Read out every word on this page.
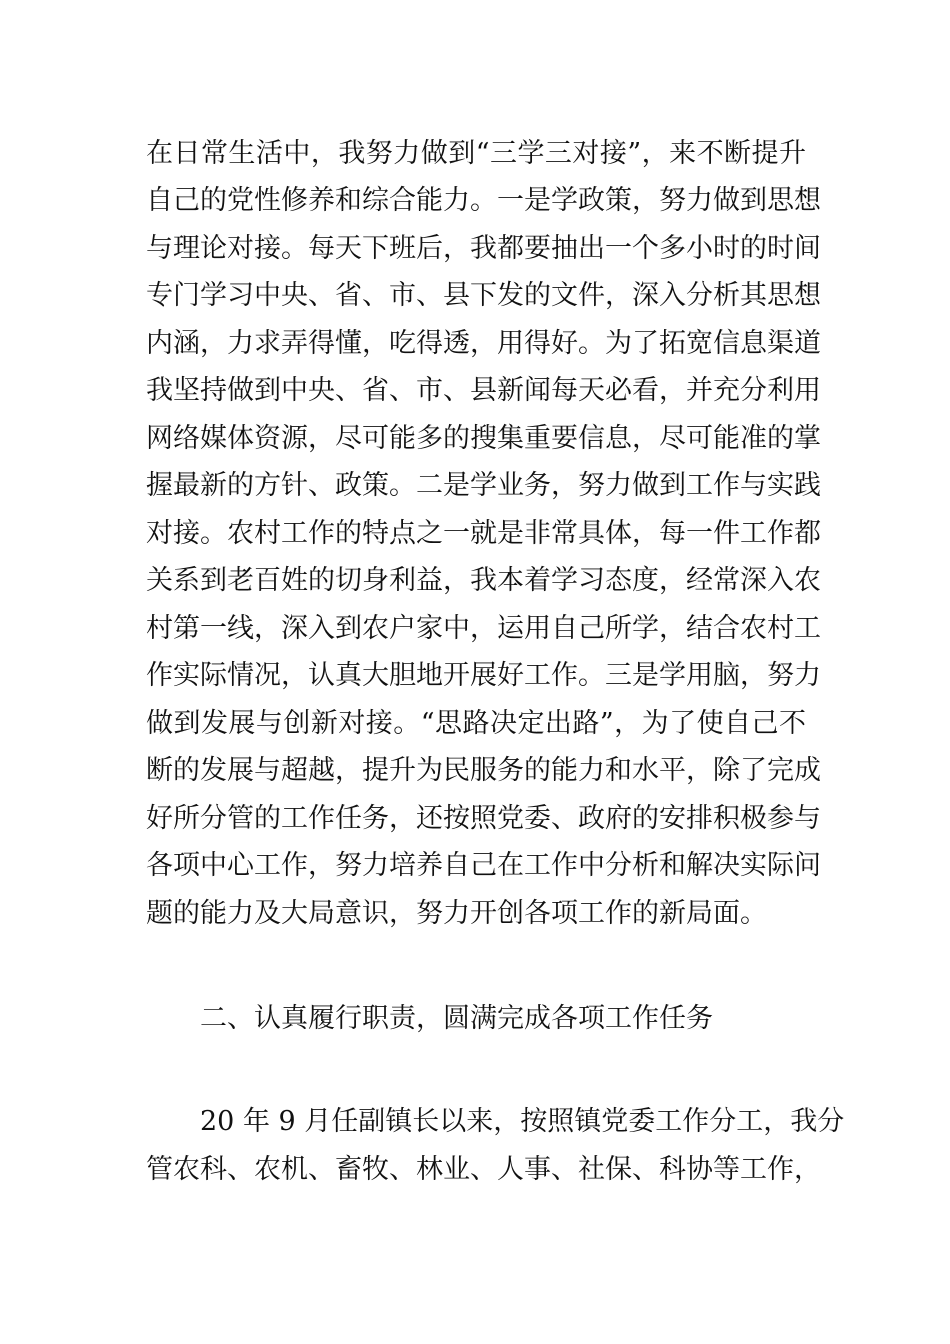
在日常生活中，我努力做到“三学三对接”，来不断提升
自己的党性修养和综合能力。一是学政策，努力做到思想
与理论对接。每天下班后，我都要抽出一个多小时的时间
专门学习中央、省、市、县下发的文件，深入分析其思想
内涵，力求弄得懂，吃得透，用得好。为了拓宽信息渠道
我坚持做到中央、省、市、县新闻每天必看，并充分利用
网络媒体资源，尽可能多的搜集重要信息，尽可能准的掌
握最新的方针、政策。二是学业务，努力做到工作与实践
对接。农村工作的特点之一就是非常具体，每一件工作都
关系到老百姓的切身利益，我本着学习态度，经常深入农
村第一线，深入到农户家中，运用自己所学，结合农村工
作实际情况，认真大胆地开展好工作。三是学用脑，努力
做到发展与创新对接。“思路决定出路”，为了使自己不
断的发展与超越，提升为民服务的能力和水平，除了完成
好所分管的工作任务，还按照党委、政府的安排积极参与
各项中心工作，努力培养自己在工作中分析和解决实际问
题的能力及大局意识，努力开创各项工作的新局面。
二、认真履行职责，圆满完成各项工作任务
20 年 9 月任副镇长以来，按照镇党委工作分工，我分
管农科、农机、畜牧、林业、人事、社保、科协等工作，
